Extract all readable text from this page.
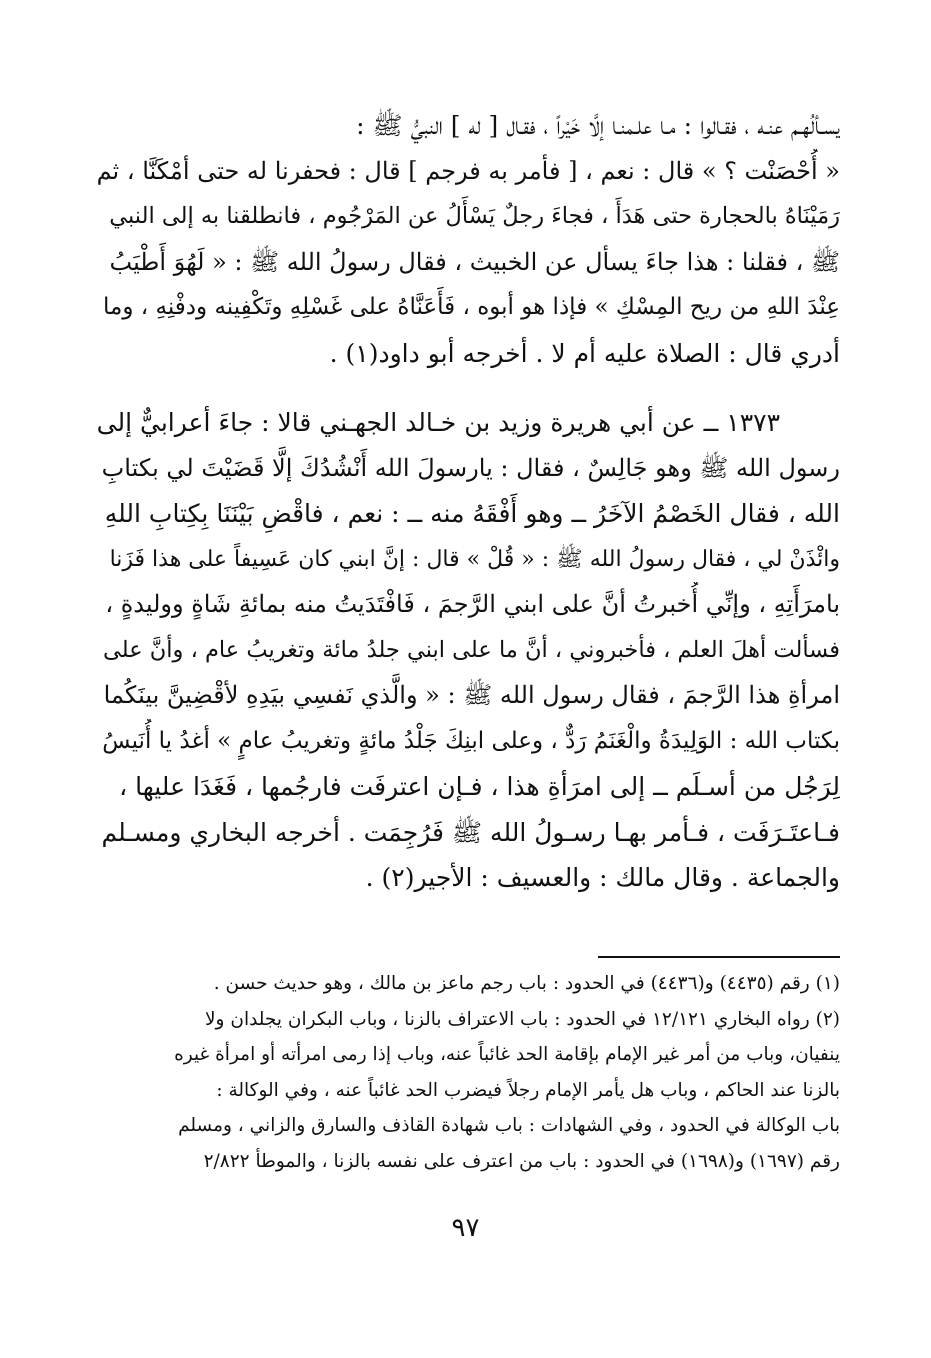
يسـألُهـم عنـه ، فقـالوا : مـا علـمنـا إلَّا خَيْراً ، فقـال [ له ] النبيُّ ﷺ :
« أُحْصَنْت ؟ » قال : نعم ، [ فأمر به فرجم ] قال : فحفرنا له حتى أمْكَنَّا ، ثم
رَمَيْنَاهُ بالحجارة حتى هَدَأَ ، فجاءَ رجلٌ يَسْأَلُ عن المَرْجُوم ، فانطلقنا به إلى النبي
ﷺ ، فقلنا : هذا جاءَ يسأل عن الخبيث ، فقال رسولُ الله ﷺ : « لَهُوَ أَطْيَبُ
عِنْدَ اللهِ من ريح المِسْكِ » فإذا هو أبوه ، فَأَعَنَّاهُ على غَسْلِهِ وتَكْفِينه ودفْنِهِ ، وما
أدري قال : الصلاة عليه أم لا . أخرجه أبو داود(١) .
١٣٧٣ ــ عن أبي هريرة وزيد بن خـالد الجهـني قالا : جاءَ أعرابيٌّ إلى
رسول الله ﷺ وهو جَالِسٌ ، فقال : يارسولَ الله أَنْشُدُكَ إلَّا قَضَيْتَ لي بكتابِ
الله ، فقال الخَصْمُ الآخَرُ ــ وهو أَفْقَهُ منه ــ : نعم ، فاقْضِ بَيْنَنَا بِكِتابِ اللهِ
وائْذَنْ لي ، فقال رسولُ الله ﷺ : « قُلْ » قال : إنَّ ابني كان عَسِيفاً على هذا فَزَنا
بامرَأَتِهِ ، وإنِّي أُخبرتُ أنَّ على ابني الرَّجمَ ، فَافْتَدَيتُ منه بمائةِ شَاةٍ ووليدةٍ ،
فسألت أهلَ العلم ، فأخبروني ، أنَّ ما على ابني جلدُ مائة وتغريبُ عام ، وأنَّ على
امرأةِ هذا الرَّجمَ ، فقال رسول الله ﷺ : « والَّذي نَفسِي بيَدِهِ لأقْضِينَّ بينَكُما
بكتاب الله : الوَلِيدَةُ والْغَنَمُ رَدٌّ ، وعلى ابنِكَ جَلْدُ مائةٍ وتغريبُ عامٍ » أغدُ يا أُنَيسُ
لِرَجُل من أسـلَم ــ إلى امرَأةِ هذا ، فـإن اعترفَت فارجُمها ، فَغَدَا عليها ،
فـاعتَـرَفَت ، فـأمر بهـا رسـولُ الله ﷺ فَرُجِمَت . أخرجه البخاري ومسـلم
والجماعة . وقال مالك : والعسيف : الأجير(٢) .
(١) رقم (٤٤٣٥) و(٤٤٣٦) في الحدود : باب رجم ماعز بن مالك ، وهو حديث حسن .
(٢) رواه البخاري ١٢/١٢١ في الحدود : باب الاعتراف بالزنا ، وباب البكران يجلدان ولا
ينفيان، وباب من أمر غير الإمام بإقامة الحد غائباً عنه، وباب إذا رمى امرأته أو امرأة غيره
بالزنا عند الحاكم ، وباب هل يأمر الإمام رجلاً فيضرب الحد غائباً عنه ، وفي الوكالة :
باب الوكالة في الحدود ، وفي الشهادات : باب شهادة القاذف والسارق والزاني ، ومسلم
رقم (١٦٩٧) و(١٦٩٨) في الحدود : باب من اعترف على نفسه بالزنا ، والموطأ ٢/٨٢٢
٩٧
